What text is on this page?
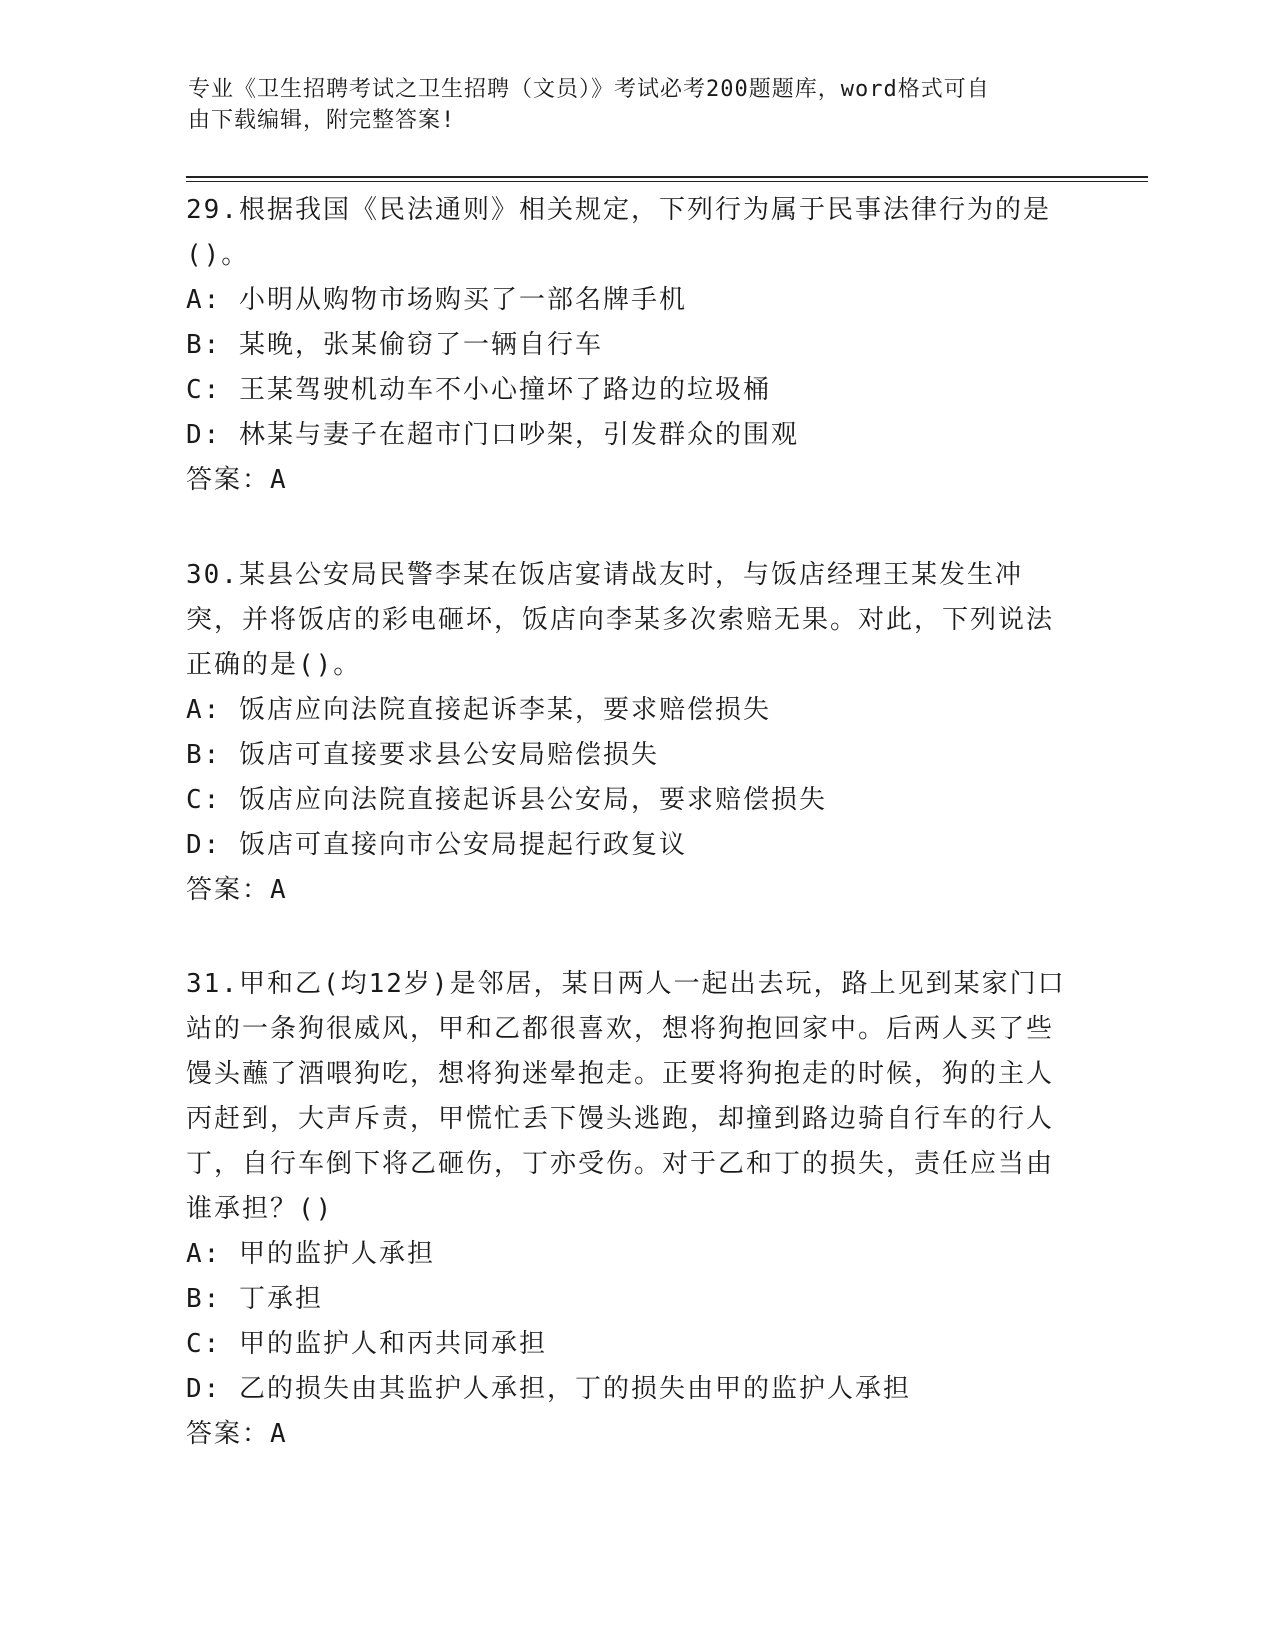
专业《卫生招聘考试之卫生招聘（文员）》考试必考200题题库，word格式可自
由下载编辑，附完整答案!

29.根据我国《民法通则》相关规定，下列行为属于民事法律行为的是()。

A: 小明从购物市场购买了一部名牌手机

B: 某晚，张某偷窃了一辆自行车

C: 王某驾驶机动车不小心撞坏了路边的垃圾桶

D: 林某与妻子在超市门口吵架，引发群众的围观

答案：A

30.某县公安局民警李某在饭店宴请战友时，与饭店经理王某发生冲突，并将饭店的彩电砸坏，饭店向李某多次索赔无果。对此，下列说法正确的是()。

A: 饭店应向法院直接起诉李某，要求赔偿损失

B: 饭店可直接要求县公安局赔偿损失

C: 饭店应向法院直接起诉县公安局，要求赔偿损失

D: 饭店可直接向市公安局提起行政复议

答案：A

31.甲和乙(均12岁)是邻居，某日两人一起出去玩，路上见到某家门口站的一条狗很威风，甲和乙都很喜欢，想将狗抱回家中。后两人买了些馒头蘸了酒喂狗吃，想将狗迷晕抱走。正要将狗抱走的时候，狗的主人丙赶到，大声斥责，甲慌忙丢下馒头逃跑，却撞到路边骑自行车的行人丁，自行车倒下将乙砸伤，丁亦受伤。对于乙和丁的损失，责任应当由谁承担？()

A: 甲的监护人承担

B: 丁承担

C: 甲的监护人和丙共同承担

D: 乙的损失由其监护人承担，丁的损失由甲的监护人承担

答案：A
